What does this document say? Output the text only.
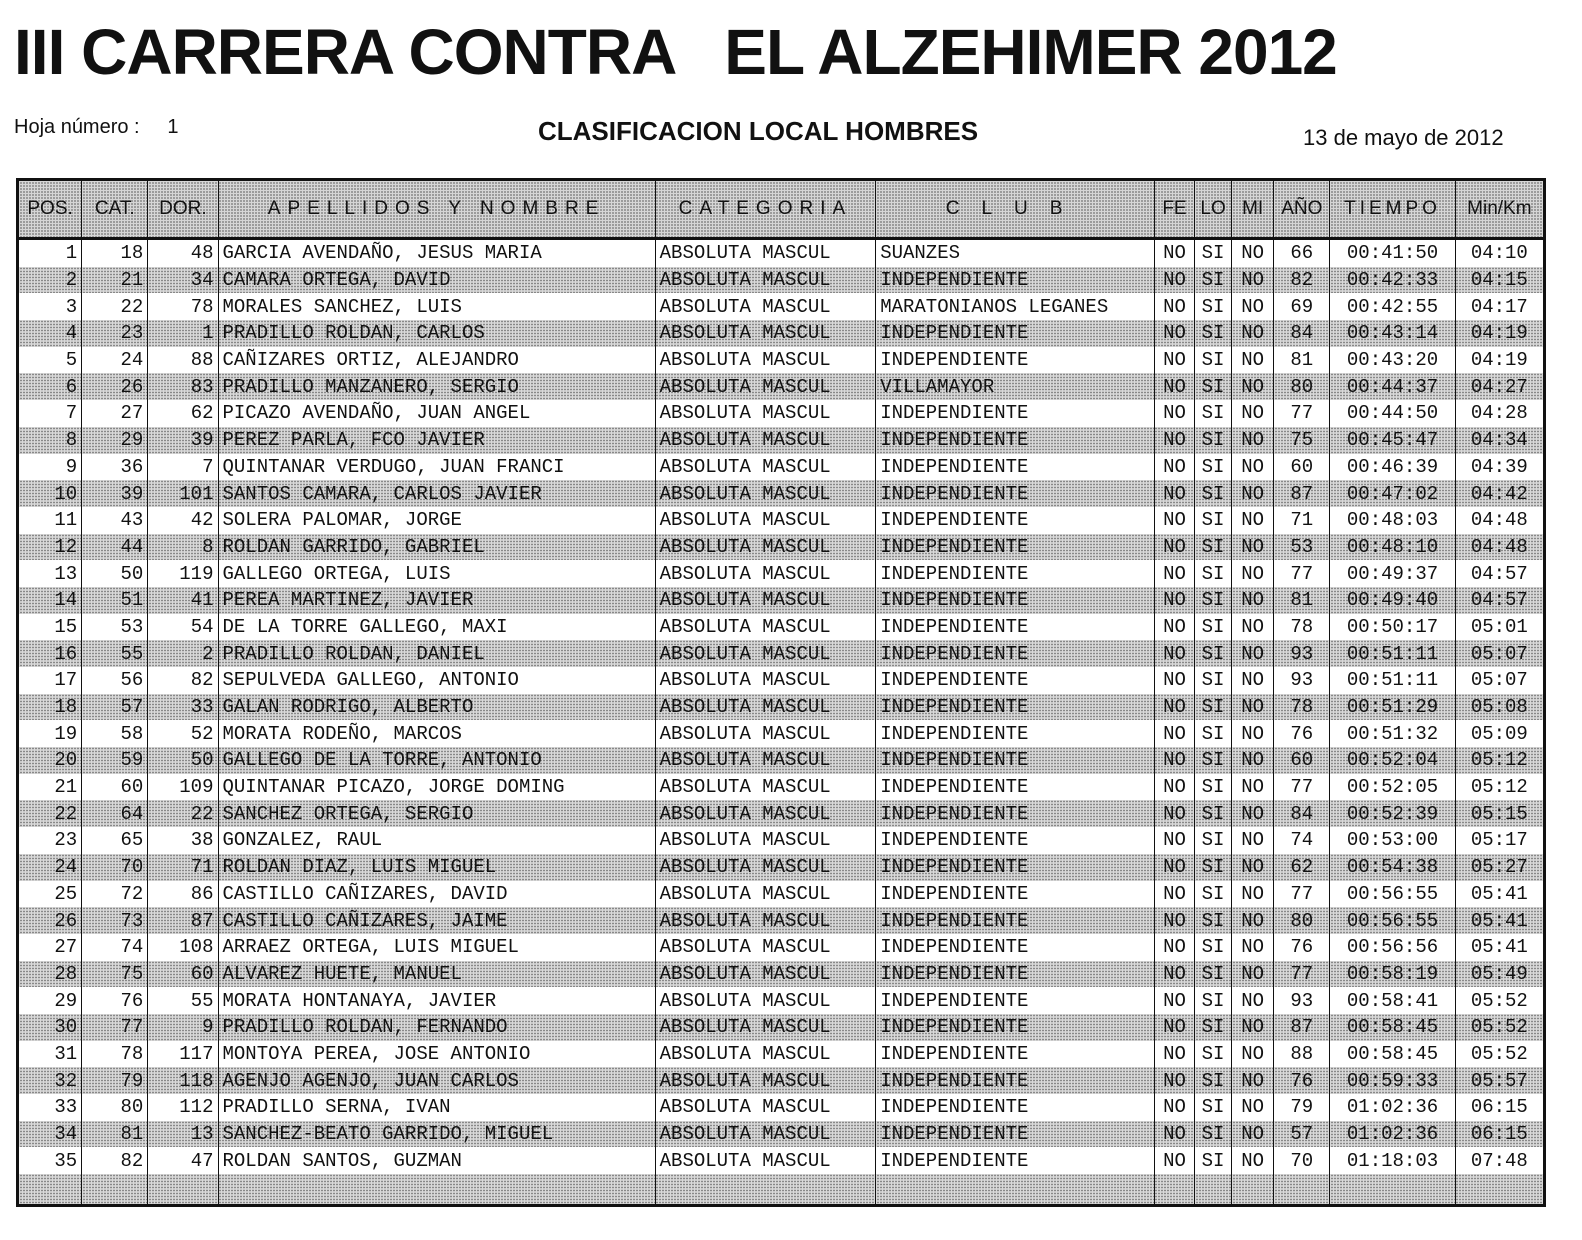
III CARRERA CONTRA   EL ALZEHIMER 2012
Hoja número :     1	CLASIFICACION LOCAL HOMBRES	13 de mayo de 2012
POS.	CAT.	DOR.	APELLIDOS Y NOMBRE	CATEGORIA	CLUB	FE	LO	MI	AÑO	TIEMPO	Min/Km
1	18	48	GARCIA AVENDAÑO, JESUS MARIA	ABSOLUTA MASCUL	SUANZES	NO	SI	NO	66	00:41:50	04:10
2	21	34	CAMARA ORTEGA, DAVID	ABSOLUTA MASCUL	INDEPENDIENTE	NO	SI	NO	82	00:42:33	04:15
3	22	78	MORALES SANCHEZ, LUIS	ABSOLUTA MASCUL	MARATONIANOS LEGANES	NO	SI	NO	69	00:42:55	04:17
4	23	1	PRADILLO ROLDAN, CARLOS	ABSOLUTA MASCUL	INDEPENDIENTE	NO	SI	NO	84	00:43:14	04:19
5	24	88	CAÑIZARES ORTIZ, ALEJANDRO	ABSOLUTA MASCUL	INDEPENDIENTE	NO	SI	NO	81	00:43:20	04:19
6	26	83	PRADILLO MANZANERO, SERGIO	ABSOLUTA MASCUL	VILLAMAYOR	NO	SI	NO	80	00:44:37	04:27
7	27	62	PICAZO AVENDAÑO, JUAN ANGEL	ABSOLUTA MASCUL	INDEPENDIENTE	NO	SI	NO	77	00:44:50	04:28
8	29	39	PEREZ PARLA, FCO JAVIER	ABSOLUTA MASCUL	INDEPENDIENTE	NO	SI	NO	75	00:45:47	04:34
9	36	7	QUINTANAR VERDUGO, JUAN FRANCI	ABSOLUTA MASCUL	INDEPENDIENTE	NO	SI	NO	60	00:46:39	04:39
10	39	101	SANTOS CAMARA, CARLOS JAVIER	ABSOLUTA MASCUL	INDEPENDIENTE	NO	SI	NO	87	00:47:02	04:42
11	43	42	SOLERA PALOMAR, JORGE	ABSOLUTA MASCUL	INDEPENDIENTE	NO	SI	NO	71	00:48:03	04:48
12	44	8	ROLDAN GARRIDO, GABRIEL	ABSOLUTA MASCUL	INDEPENDIENTE	NO	SI	NO	53	00:48:10	04:48
13	50	119	GALLEGO ORTEGA, LUIS	ABSOLUTA MASCUL	INDEPENDIENTE	NO	SI	NO	77	00:49:37	04:57
14	51	41	PEREA MARTINEZ, JAVIER	ABSOLUTA MASCUL	INDEPENDIENTE	NO	SI	NO	81	00:49:40	04:57
15	53	54	DE LA TORRE GALLEGO, MAXI	ABSOLUTA MASCUL	INDEPENDIENTE	NO	SI	NO	78	00:50:17	05:01
16	55	2	PRADILLO ROLDAN, DANIEL	ABSOLUTA MASCUL	INDEPENDIENTE	NO	SI	NO	93	00:51:11	05:07
17	56	82	SEPULVEDA GALLEGO, ANTONIO	ABSOLUTA MASCUL	INDEPENDIENTE	NO	SI	NO	93	00:51:11	05:07
18	57	33	GALAN RODRIGO, ALBERTO	ABSOLUTA MASCUL	INDEPENDIENTE	NO	SI	NO	78	00:51:29	05:08
19	58	52	MORATA RODEÑO, MARCOS	ABSOLUTA MASCUL	INDEPENDIENTE	NO	SI	NO	76	00:51:32	05:09
20	59	50	GALLEGO DE LA TORRE, ANTONIO	ABSOLUTA MASCUL	INDEPENDIENTE	NO	SI	NO	60	00:52:04	05:12
21	60	109	QUINTANAR PICAZO, JORGE DOMING	ABSOLUTA MASCUL	INDEPENDIENTE	NO	SI	NO	77	00:52:05	05:12
22	64	22	SANCHEZ ORTEGA, SERGIO	ABSOLUTA MASCUL	INDEPENDIENTE	NO	SI	NO	84	00:52:39	05:15
23	65	38	GONZALEZ, RAUL	ABSOLUTA MASCUL	INDEPENDIENTE	NO	SI	NO	74	00:53:00	05:17
24	70	71	ROLDAN DIAZ, LUIS MIGUEL	ABSOLUTA MASCUL	INDEPENDIENTE	NO	SI	NO	62	00:54:38	05:27
25	72	86	CASTILLO CAÑIZARES, DAVID	ABSOLUTA MASCUL	INDEPENDIENTE	NO	SI	NO	77	00:56:55	05:41
26	73	87	CASTILLO CAÑIZARES, JAIME	ABSOLUTA MASCUL	INDEPENDIENTE	NO	SI	NO	80	00:56:55	05:41
27	74	108	ARRAEZ ORTEGA, LUIS MIGUEL	ABSOLUTA MASCUL	INDEPENDIENTE	NO	SI	NO	76	00:56:56	05:41
28	75	60	ALVAREZ HUETE, MANUEL	ABSOLUTA MASCUL	INDEPENDIENTE	NO	SI	NO	77	00:58:19	05:49
29	76	55	MORATA HONTANAYA, JAVIER	ABSOLUTA MASCUL	INDEPENDIENTE	NO	SI	NO	93	00:58:41	05:52
30	77	9	PRADILLO ROLDAN, FERNANDO	ABSOLUTA MASCUL	INDEPENDIENTE	NO	SI	NO	87	00:58:45	05:52
31	78	117	MONTOYA PEREA, JOSE ANTONIO	ABSOLUTA MASCUL	INDEPENDIENTE	NO	SI	NO	88	00:58:45	05:52
32	79	118	AGENJO AGENJO, JUAN CARLOS	ABSOLUTA MASCUL	INDEPENDIENTE	NO	SI	NO	76	00:59:33	05:57
33	80	112	PRADILLO SERNA, IVAN	ABSOLUTA MASCUL	INDEPENDIENTE	NO	SI	NO	79	01:02:36	06:15
34	81	13	SANCHEZ-BEATO GARRIDO, MIGUEL	ABSOLUTA MASCUL	INDEPENDIENTE	NO	SI	NO	57	01:02:36	06:15
35	82	47	ROLDAN SANTOS, GUZMAN	ABSOLUTA MASCUL	INDEPENDIENTE	NO	SI	NO	70	01:18:03	07:48
